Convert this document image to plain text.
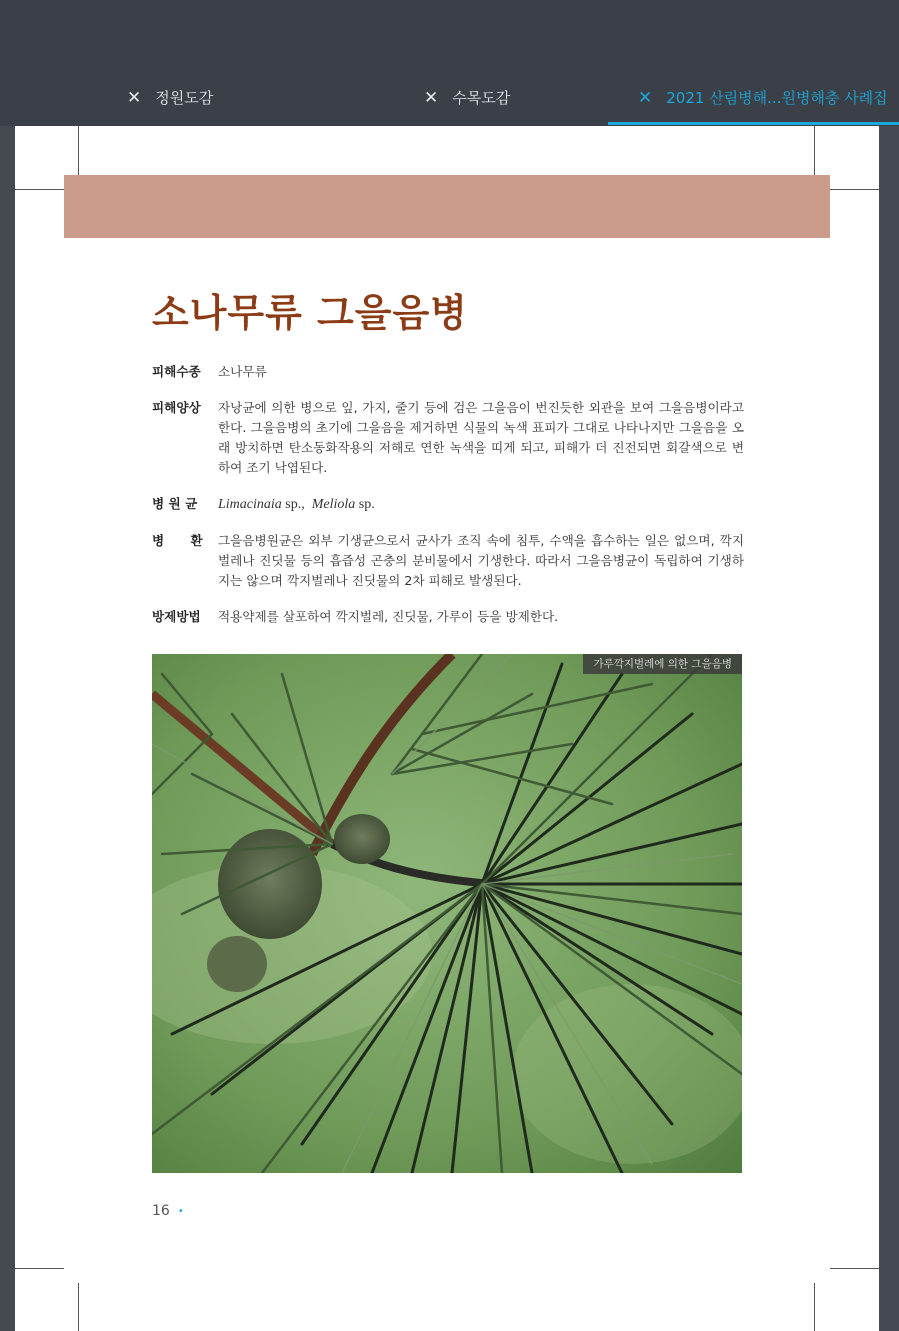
✕ 정원도감	✕ 수목도감	✕ 2021 산림병해...원병해충 사례집
소나무류 그을음병
피해수종	소나무류
피해양상	자낭균에 의한 병으로 잎, 가지, 줄기 등에 검은 그을음이 번진듯한 외관을 보여 그을음병이라고 한다. 그을음병의 초기에 그을음을 제거하면 식물의 녹색 표피가 그대로 나타나지만 그을음을 오래 방치하면 탄소동화작용의 저해로 연한 녹색을 띠게 되고, 피해가 더 진전되면 회갈색으로 변하여 조기 낙엽된다.
병 원 균	Limacinaia sp.,  Meliola sp.
병      환	그을음병원균은 외부 기생균으로서 균사가 조직 속에 침투, 수액을 흡수하는 일은 없으며, 깍지벌레나 진딧물 등의 흡즙성 곤충의 분비물에서 기생한다. 따라서 그을음병균이 독립하여 기생하지는 않으며 깍지벌레나 진딧물의 2차 피해로 발생된다.
방제방법	적용약제를 살포하여 깍지벌레, 진딧물, 가루이 등을 방제한다.
가루깍지벌레에 의한 그을음병
16 •
